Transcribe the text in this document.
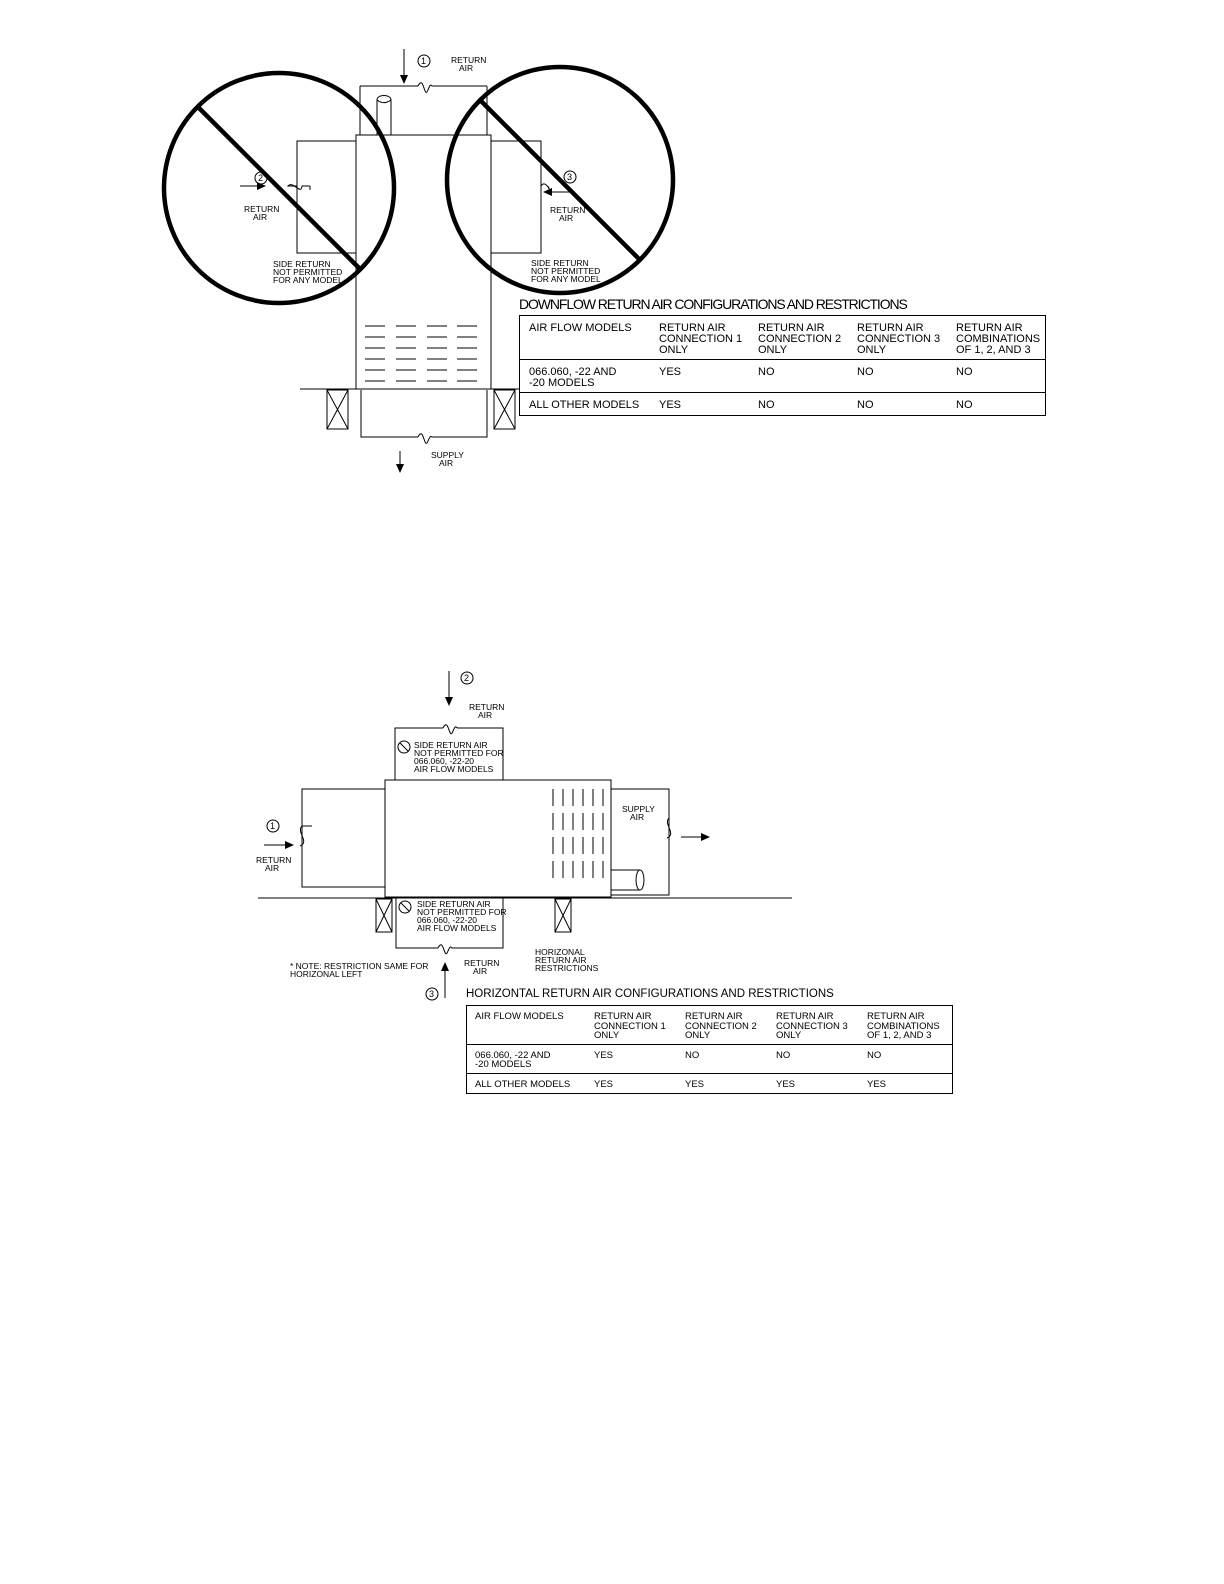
1
2	3
RETURN
AIR
RETURN
AIR
RETURN
AIR
SIDE RETURN
NOT PERMITTED
FOR ANY MODEL
SIDE RETURN
NOT PERMITTED
FOR ANY MODEL
SUPPLY
AIR
2
1
3
RETURN
AIR
RETURN
AIR
RETURN
AIR
SUPPLY
AIR
SIDE RETURN AIR
NOT PERMITTED FOR
066.060, -22-20
AIR FLOW MODELS
SIDE RETURN AIR
NOT PERMITTED FOR
066.060, -22-20
AIR FLOW MODELS
* NOTE: RESTRICTION SAME FOR
HORIZONAL LEFT
HORIZONAL
RETURN AIR
RESTRICTIONS
DOWNFLOW RETURN AIR CONFIGURATIONS AND RESTRICTIONS
AIR FLOW MODELS	RETURN AIR
CONNECTION 1
ONLY	RETURN AIR
CONNECTION 2
ONLY	RETURN AIR
CONNECTION 3
ONLY	RETURN AIR
COMBINATIONS
OF 1, 2, AND 3
066.060, -22 AND
-20 MODELS	YES	NO	NO	NO
ALL OTHER MODELS	YES	NO	NO	NO
HORIZONTAL RETURN AIR CONFIGURATIONS AND RESTRICTIONS
AIR FLOW MODELS	RETURN AIR
CONNECTION 1
ONLY	RETURN AIR
CONNECTION 2
ONLY	RETURN AIR
CONNECTION 3
ONLY	RETURN AIR
COMBINATIONS
OF 1, 2, AND 3
066.060, -22 AND
-20 MODELS	YES	NO	NO	NO
ALL OTHER MODELS	YES	YES	YES	YES
